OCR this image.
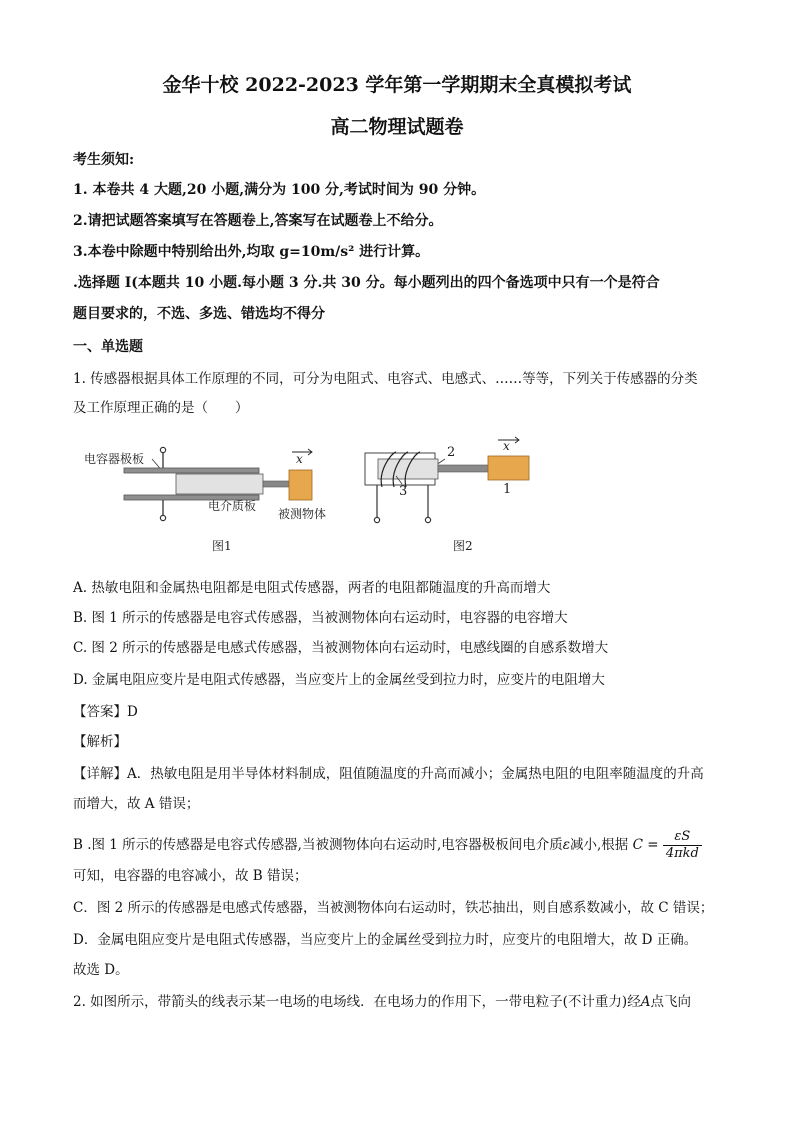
金华十校 2022-2023 学年第一学期期末全真模拟考试
高二物理试题卷
考生须知:
1. 本卷共 4 大题,20 小题,满分为 100 分,考试时间为 90 分钟。
2.请把试题答案填写在答题卷上,答案写在试题卷上不给分。
3.本卷中除题中特别给出外,均取 g=10m/s² 进行计算。
.选择题 I(本题共 10 小题.每小题 3 分.共 30 分。每小题列出的四个备选项中只有一个是符合
题目要求的，不选、多选、错选均不得分
一、单选题
1. 传感器根据具体工作原理的不同，可分为电阻式、电容式、电感式、……等等，下列关于传感器的分类
及工作原理正确的是（　　）
电容器极板	x
电介质板
被测物体
图1
x
2
1
3
图2
A. 热敏电阻和金属热电阻都是电阻式传感器，两者的电阻都随温度的升高而增大
B. 图 1 所示的传感器是电容式传感器，当被测物体向右运动时，电容器的电容增大
C. 图 2 所示的传感器是电感式传感器，当被测物体向右运动时，电感线圈的自感系数增大
D. 金属电阻应变片是电阻式传感器，当应变片上的金属丝受到拉力时，应变片的电阻增大
【答案】D
【解析】
【详解】A．热敏电阻是用半导体材料制成，阻值随温度的升高而减小；金属热电阻的电阻率随温度的升高
而增大，故 A 错误；
B .图 1 所示的传感器是电容式传感器,当被测物体向右运动时,电容器极板间电介质ε减小,根据 $C = \frac{\varepsilon S}{\text{4πkd}}$
可知，电容器的电容减小，故 B 错误；
C．图 2 所示的传感器是电感式传感器，当被测物体向右运动时，铁芯抽出，则自感系数减小，故 C 错误；
D．金属电阻应变片是电阻式传感器，当应变片上的金属丝受到拉力时，应变片的电阻增大，故 D 正确。
故选 D。
2. 如图所示，带箭头的线表示某一电场的电场线．在电场力的作用下，一带电粒子(不计重力)经A点飞向
